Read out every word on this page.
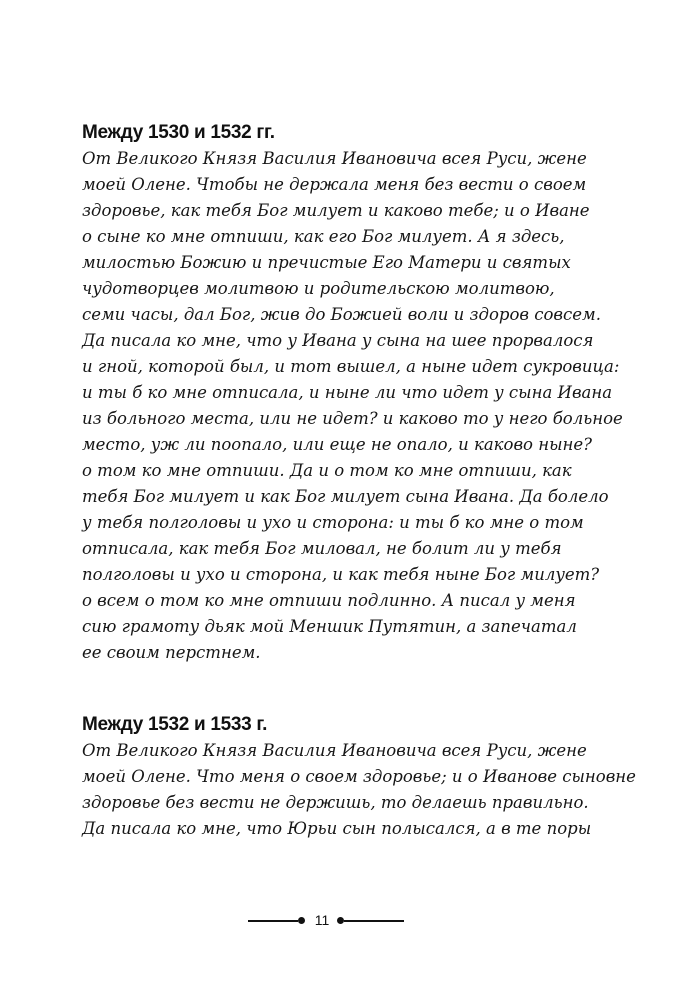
Между 1530 и 1532 гг.

От Великого Князя Василия Ивановича всея Руси, жене

моей Олене. Чтобы не держала меня без вести о своем

здоровье, как тебя Бог милует и каково тебе; и о Иване

о сыне ко мне отпиши, как его Бог милует. А я здесь,

милостью Божию и пречистые Его Матери и святых

чудотворцев молитвою и родительскою молитвою,

семи часы, дал Бог, жив до Божией воли и здоров совсем.

Да писала ко мне, что у Ивана у сына на шее прорвалося

и гной, которой был, и тот вышел, а ныне идет сукровица:

и ты б ко мне отписала, и ныне ли что идет у сына Ивана

из больного места, или не идет? и каково то у него больное

место, уж ли поопало, или еще не опало, и каково ныне?

о том ко мне отпиши. Да и о том ко мне отпиши, как

тебя Бог милует и как Бог милует сына Ивана. Да болело

у тебя полголовы и ухо и сторона: и ты б ко мне о том

отписала, как тебя Бог миловал, не болит ли у тебя

полголовы и ухо и сторона, и как тебя ныне Бог милует?

о всем о том ко мне отпиши подлинно. А писал у меня

сию грамоту дьяк мой Меншик Путятин, а запечатал

ее своим перстнем.

Между 1532 и 1533 г.

От Великого Князя Василия Ивановича всея Руси, жене

моей Олене. Что меня о своем здоровье; и о Иванове сыновне

здоровье без вести не держишь, то делаешь правильно.

Да писала ко мне, что Юрьи сын полысался, а в те поры

11
